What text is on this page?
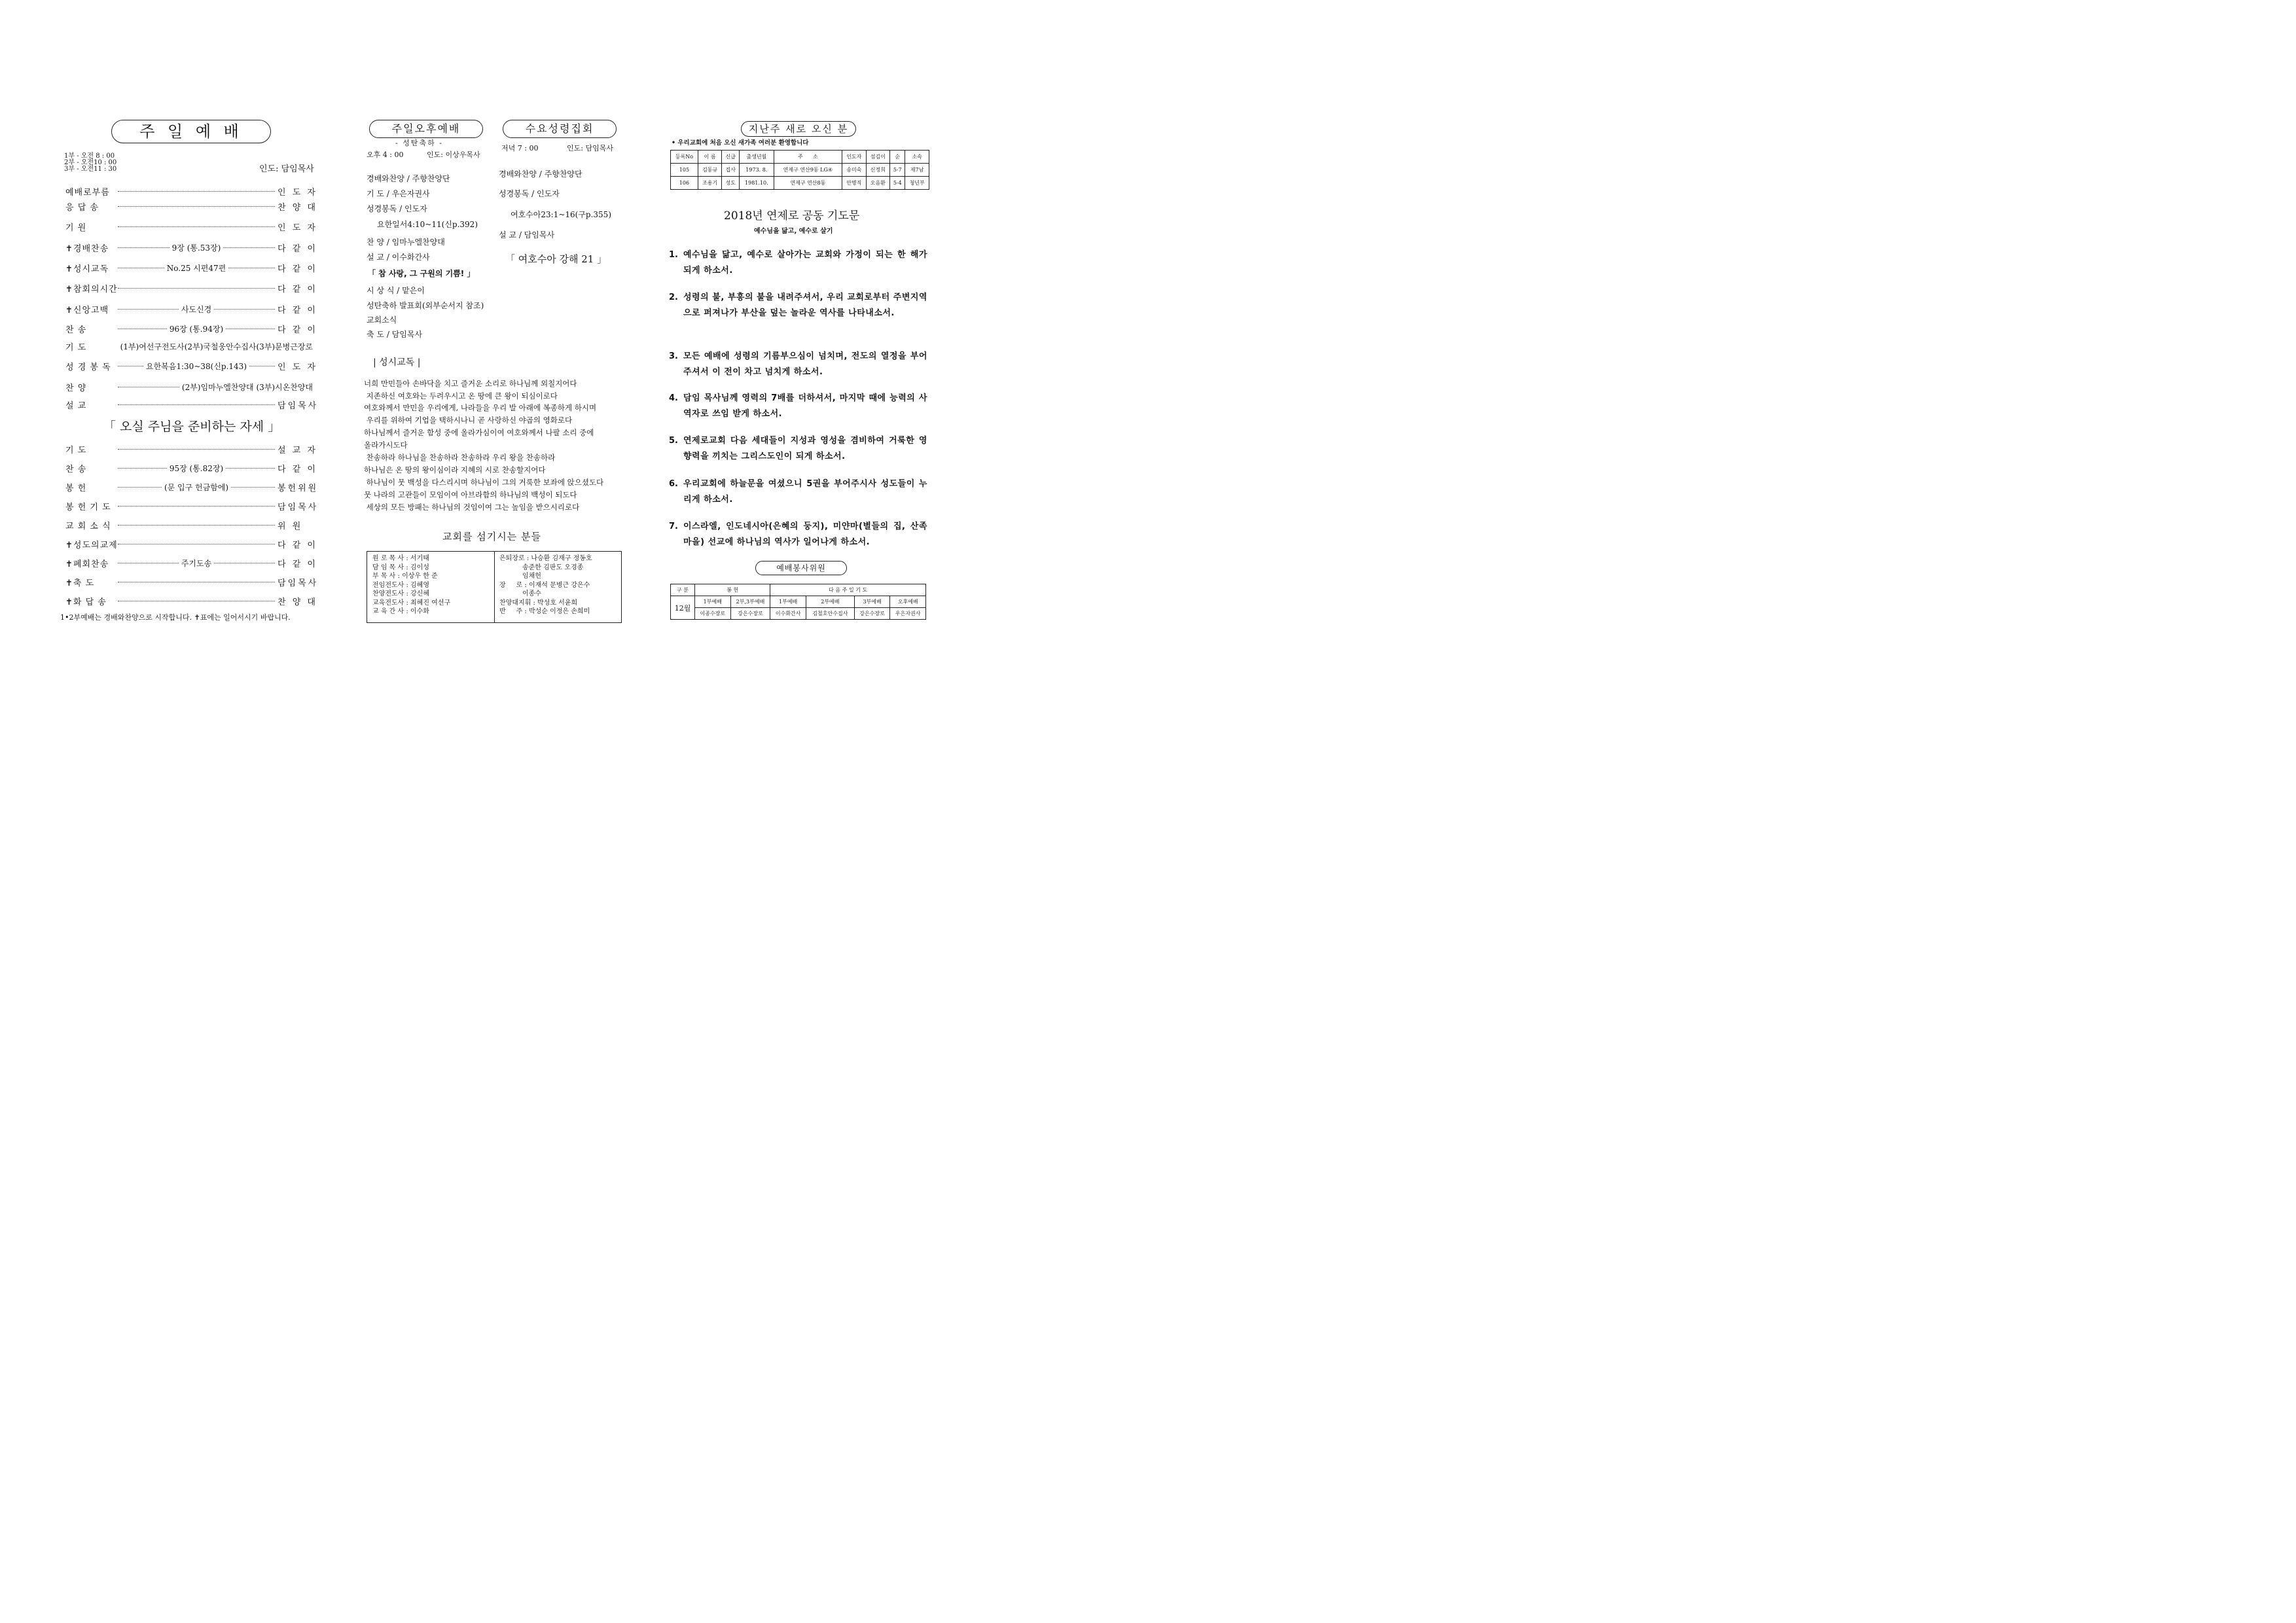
주 일 예 배
1부 - 오전 8 : 00
2부 - 오전10 : 00
3부 - 오전11 : 30	인도: 담임목사
예배로부름	인 도 자
응 답 송	찬 양 대
기 원	인 도 자
✝경배찬송	9장 (통.53장)	다 같 이
✝성시교독	No.25 시편47편	다 같 이
✝참회의시간	다 같 이
✝신앙고백	사도신경	다 같 이
찬 송	96장 (통.94장)	다 같 이
기 도	(1부)여선구전도사(2부)국철웅안수집사(3부)문병근장로
성 경 봉 독	요한복음1:30~38(신p.143)	인 도 자
찬 양	(2부)임마누엘찬양대 (3부)시온찬양대
설 교	담임목사
「 오실 주님을 준비하는 자세 」
기 도	설 교 자
찬 송	95장 (통.82장)	다 같 이
봉 헌	(문 입구 헌금함에)	봉헌위원
봉 헌 기 도	담임목사
교 회 소 식	위 원
✝성도의교제	다 같 이
✝폐회찬송	주기도송	다 같 이
✝축 도	담임목사
✝화 답 송	찬 양 대
1•2부예배는 경배와찬양으로 시작합니다. ✝표에는 일어서시기 바랍니다.
주일오후예배
- 성탄축하 -
오후 4 : 00	인도: 이상우목사
경배와찬양 / 주향찬양단
기 도 / 우은자권사
성경봉독 / 인도자
요한일서4:10~11(신p.392)
찬 양 / 임마누엘찬양대
설 교 / 이수화간사
「 참 사랑, 그 구원의 기쁨! 」
시 상 식 / 맡은이
성탄축하 발표회(외부순서지 참조)
교회소식
축 도 / 담임목사
수요성령집회
저녁 7 : 00	인도: 담임목사
경배와찬양 / 주향찬양단
성경봉독 / 인도자
여호수아23:1~16(구p.355)
설 교 / 담임목사
「 여호수아 강해 21 」
| 성시교독 |
너희 만민들아 손바닥을 치고 즐거운 소리로 하나님께 외칠지어다
지존하신 여호와는 두려우시고 온 땅에 큰 왕이 되심이로다
여호와께서 만민을 우리에게, 나라들을 우리 발 아래에 복종하게 하시며
우리를 위하여 기업을 택하시나니 곧 사랑하신 야곱의 영화로다
하나님께서 즐거운 함성 중에 올라가심이여 여호와께서 나팔 소리 중에
올라가시도다
찬송하라 하나님을 찬송하라 찬송하라 우리 왕을 찬송하라
하나님은 온 땅의 왕이심이라 지혜의 시로 찬송할지어다
하나님이 뭇 백성을 다스리시며 하나님이 그의 거룩한 보좌에 앉으셨도다
뭇 나라의 고관들이 모임이여 아브라함의 하나님의 백성이 되도다
세상의 모든 방패는 하나님의 것임이여 그는 높임을 받으시리로다
교회를 섬기시는 분들
원 로 목 사 : 서기태
담 임 목 사 : 김이성
부 목 사 : 이상우 한 준
전임전도사 : 김혜영
찬양전도사 : 강신혜
교육전도사 : 최혜진 여선구
교 육 간 사 : 이수화
은퇴장로 : 나승환 김재구 정동호
송준한 김판도 오경종
임채헌
장     로 : 이재석 문병근 강은수
이종수
찬양대지휘 : 박성호 서윤희
반     주 : 박성순 이정은 손희미
지난주 새로 오신 분
• 우리교회에 처음 오신 새가족 여러분 환영합니다
등록No	이 름	신급	출생년월	주      소	인도자	섬김이	순	소속
105	김동규	집사	1973. 8.	연제구 연산9동 LG④	송미숙	신정희	5-7	제7남
106	조용기	성도	1981.10.	연제구 연산8동	안병직	오음환	5-4	청년부
2018년 연제로 공동 기도문
예수님을 닮고, 예수로 살기
1. 예수님을 닮고, 예수로 살아가는 교회와 가정이 되는 한 해가 되게 하소서.
2. 성령의 불, 부흥의 불을 내려주셔서, 우리 교회로부터 주변지역으로 퍼져나가 부산을 덮는 놀라운 역사를 나타내소서.
3. 모든 예배에 성령의 기름부으심이 넘치며, 전도의 열정을 부어주셔서 이 전이 차고 넘치게 하소서.
4. 담임 목사님께 영력의 7배를 더하셔서, 마지막 때에 능력의 사역자로 쓰임 받게 하소서.
5. 연제로교회 다음 세대들이 지성과 영성을 겸비하여 거룩한 영향력을 끼치는 그리스도인이 되게 하소서.
6. 우리교회에 하늘문을 여셨으니 5권을 부어주시사 성도들이 누리게 하소서.
7. 이스라엘, 인도네시아(은혜의 둥지), 미얀마(별들의 집, 산족마을) 선교에 하나님의 역사가 일어나게 하소서.
예배봉사위원
구 분	봉 헌		다 음 주 일 기 도			
12월	1부예배	2부,3부예배	1부예배	2부예배	3부예배	오후예배
	이종수장로	강은수장로	이수화간사	김철호안수집사	강은수장로	우은자권사
